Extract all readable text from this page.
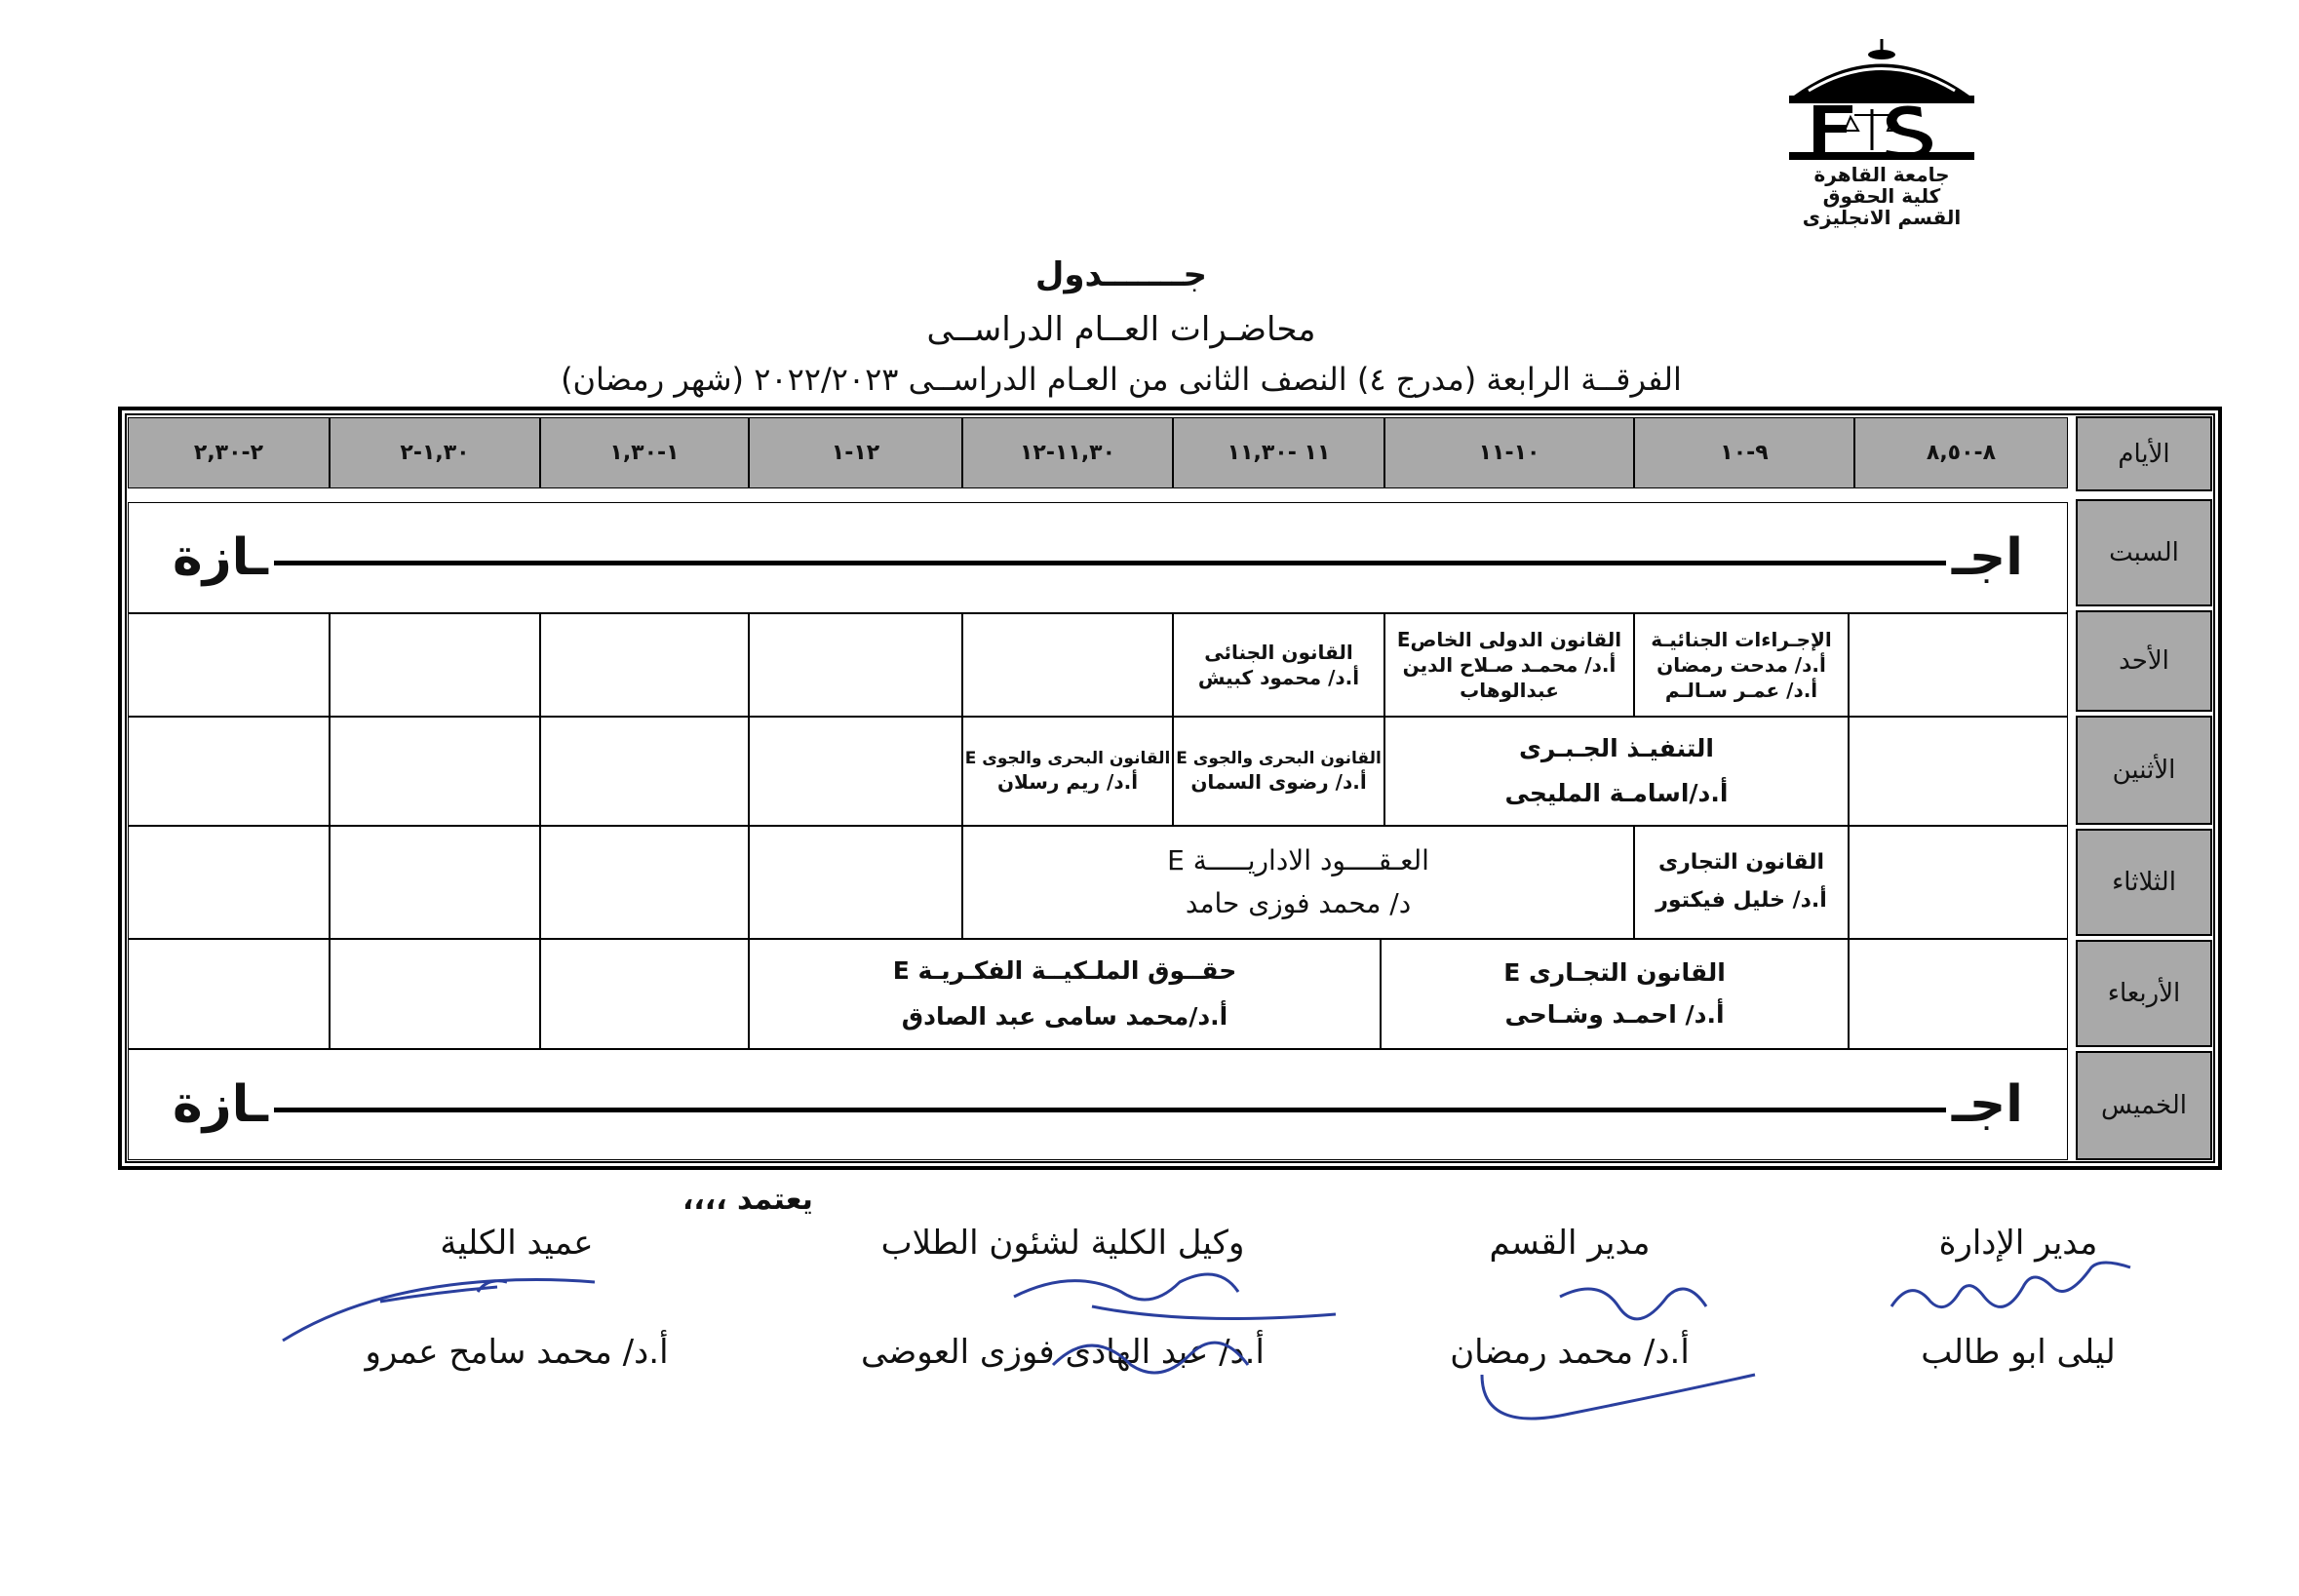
جامعة القاهرة
كلية الحقوق
القسم الانجليزى
جـــــــدول
محاضـرات العــام الدراســى
الفرقــة الرابعة (مدرج ٤) النصف الثانى من العـام الدراســى ٢٠٢٢/٢٠٢٣ (شهر رمضان)
الأيام
٨-٨,٥٠
٩-١٠
١٠-١١
١١ -١١,٣٠
١١,٣٠-١٢
١٢-١
١-١,٣٠
١,٣٠-٢
٢-٢,٣٠
السبت
الأحد
الأثنين
الثلاثاء
الأربعاء
الخميس
اجـ
ـازة
الإجـراءات الجنائيـة
أ.د/ مدحت رمضان
أ.د/ عمـر سـالـم
القانون الدولى الخاصE
أ.د/ محمـد صـلاح الدين
عبدالوهاب
القانون الجنائى
أ.د/ محمود كبيش
التنفيـذ الجـبـرى
أ.د/اسامـة المليجى
القانون البحرى والجوى E
أ.د/ رضوى السمان
القانون البحرى والجوى E
أ.د/ ريم رسلان
القانون التجارى
أ.د/ خليل فيكتور
العـقــــود الاداريـــــة E
د/ محمد فوزى حامد
القانون التجـارى E
أ.د/ احمـد وشـاحى
حقــوق الملـكيــة الفكـريـة E
أ.د/محمد سامى عبد الصادق
اجـ
ـازة
يعتمد ،،،،
مدير الإدارة
ليلى ابو طالب
مدير القسم
أ.د/ محمد رمضان
وكيل الكلية لشئون الطلاب
أ.د/ عبد الهادى فوزى العوضى
عميد الكلية
أ.د/ محمد سامح عمرو
